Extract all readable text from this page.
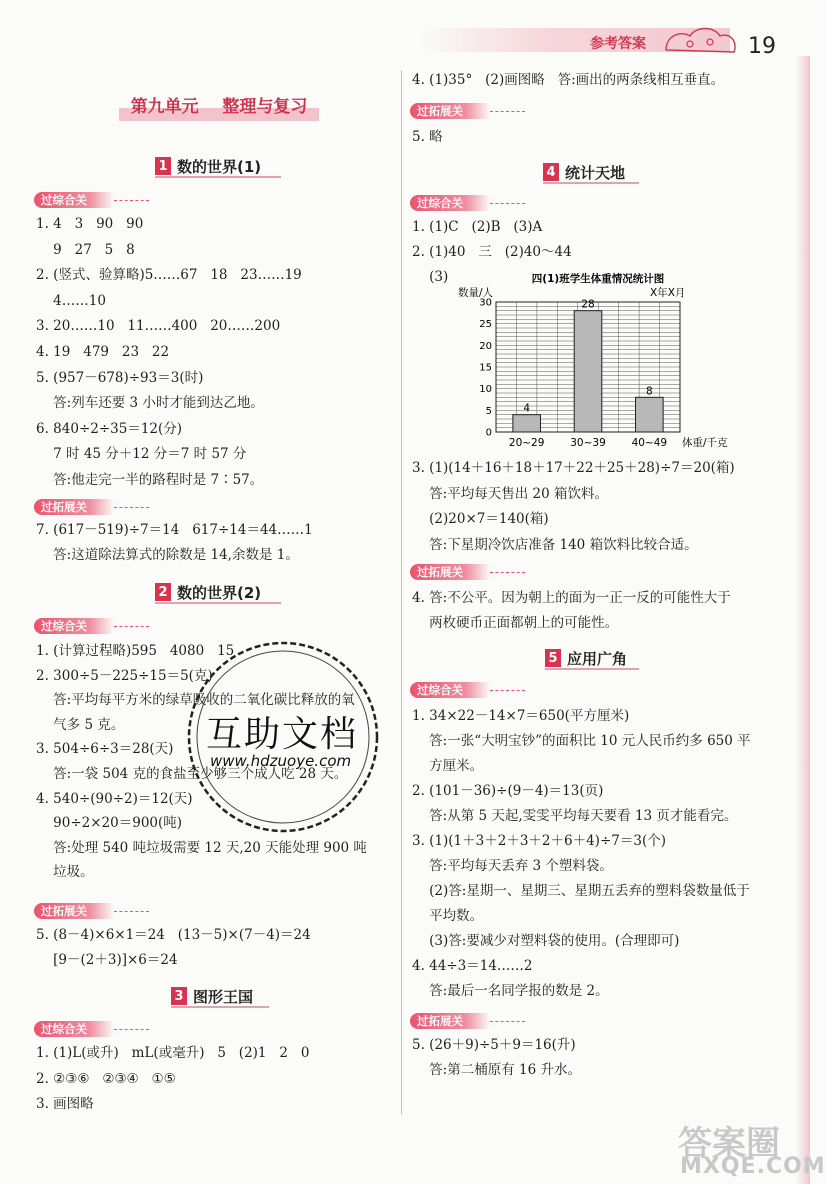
参考答案	19
第九单元    整理与复习
1 数的世界(1)
过综合关
1. 4   3   90   90
9   27   5   8
2. (竖式、验算略)5……67   18   23……19
4……10
3. 20……10   11……400   20……200
4. 19   479   23   22
5. (957－678)÷93＝3(时)
答:列车还要 3 小时才能到达乙地。
6. 840÷2÷35＝12(分)
7 时 45 分＋12 分＝7 时 57 分
答:他走完一半的路程时是 7∶57。
过拓展关
7. (617－519)÷7＝14   617÷14＝44……1
答:这道除法算式的除数是 14,余数是 1。
2 数的世界(2)
过综合关
1. (计算过程略)595   4080   15
2. 300÷5－225÷15＝5(克)
答:平均每平方米的绿草吸收的二氧化碳比释放的氧
气多 5 克。
3. 504÷6÷3＝28(天)
答:一袋 504 克的食盐至少够三个成人吃 28 天。
4. 540÷(90÷2)＝12(天)
90÷2×20＝900(吨)
答:处理 540 吨垃圾需要 12 天,20 天能处理 900 吨
垃圾。
过拓展关
5. (8－4)×6×1＝24   (13－5)×(7－4)＝24
[9－(2＋3)]×6＝24
3 图形王国
过综合关
1. (1)L(或升)   mL(或毫升)   5   (2)1   2   0
2. ②③⑥   ②③④   ①⑤
3. 画图略
4. (1)35°   (2)画图略   答:画出的两条线相互垂直。
过拓展关
5. 略
4 统计天地
过综合关
1. (1)C   (2)B   (3)A
2. (1)40   三   (2)40～44
(3)	四(1)班学生体重情况统计图
数量/人	X年X月
0
5
10
15
20
25
30
4
20~29
28
30~39
8
40~49 体重/千克
3. (1)(14＋16＋18＋17＋22＋25＋28)÷7＝20(箱)
答:平均每天售出 20 箱饮料。
(2)20×7＝140(箱)
答:下星期冷饮店准备 140 箱饮料比较合适。
过拓展关
4. 答:不公平。因为朝上的面为一正一反的可能性大于
两枚硬币正面都朝上的可能性。
5 应用广角
过综合关
1. 34×22－14×7＝650(平方厘米)
答:一张“大明宝钞”的面积比 10 元人民币约多 650 平
方厘米。
2. (101－36)÷(9－4)＝13(页)
答:从第 5 天起,雯雯平均每天要看 13 页才能看完。
3. (1)(1＋3＋2＋3＋2＋6＋4)÷7＝3(个)
答:平均每天丢弃 3 个塑料袋。
(2)答:星期一、星期三、星期五丢弃的塑料袋数量低于
平均数。
(3)答:要减少对塑料袋的使用。(合理即可)
4. 44÷3＝14……2
答:最后一名同学报的数是 2。
过拓展关
5. (26＋9)÷5＋9＝16(升)
答:第二桶原有 16 升水。
互助文档
www.hdzuoye.com
答案圈
MXQE.COM
